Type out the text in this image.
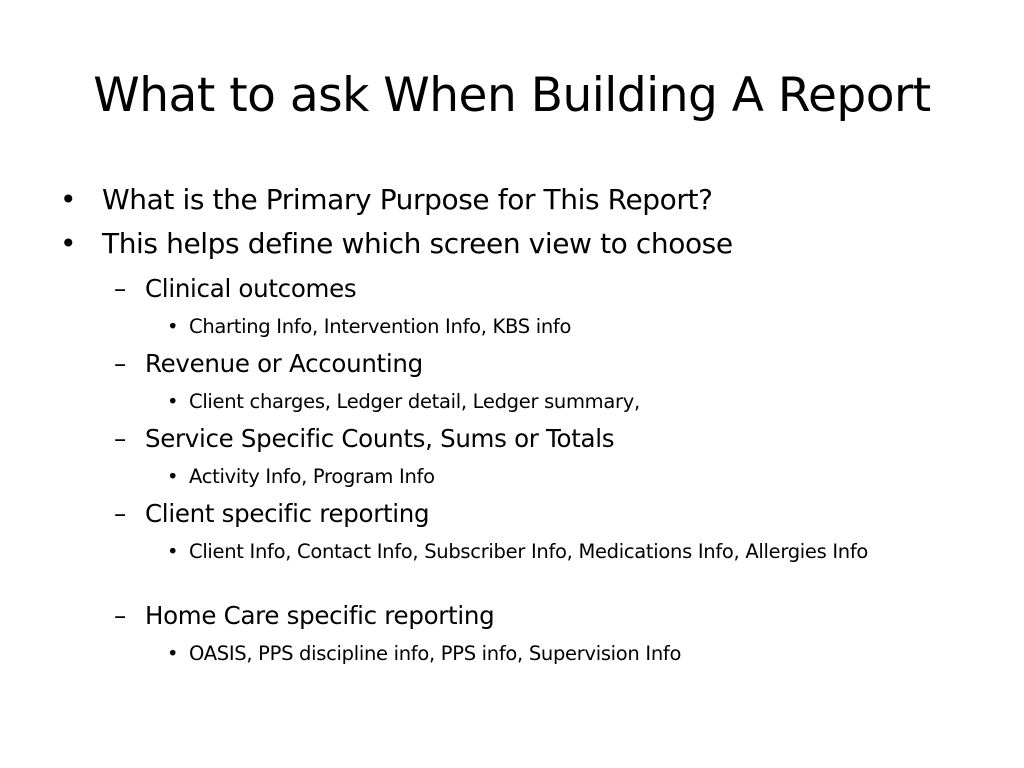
What to ask When Building A Report
• What is the Primary Purpose for This Report?
• This helps define which screen view to choose
– Clinical outcomes
• Charting Info, Intervention Info, KBS info
– Revenue or Accounting
• Client charges, Ledger detail, Ledger summary,
– Service Specific Counts, Sums or Totals
• Activity Info, Program Info
– Client specific reporting
• Client Info, Contact Info, Subscriber Info, Medications Info, Allergies Info
– Home Care specific reporting
• OASIS, PPS discipline info, PPS info, Supervision Info
